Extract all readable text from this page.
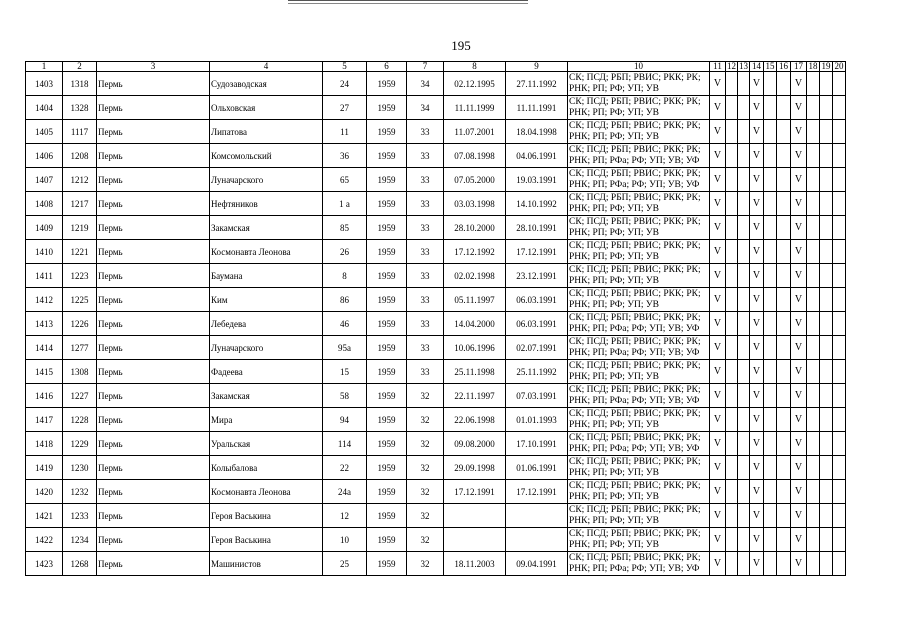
195
1	2	3	4	5	6	7	8	9	10	11	12	13	14	15	16	17	18	19	20
1403	1318	Пермь	Судозаводская	24	1959	34	02.12.1995	27.11.1992	СК; ПСД; РБП; РВИС; РКК; РК;
РНК; РП; РФ; УП; УВ	V			V			V			
1404	1328	Пермь	Ольховская	27	1959	34	11.11.1999	11.11.1991	СК; ПСД; РБП; РВИС; РКК; РК;
РНК; РП; РФ; УП; УВ	V			V			V			
1405	1117	Пермь	Липатова	11	1959	33	11.07.2001	18.04.1998	СК; ПСД; РБП; РВИС; РКК; РК;
РНК; РП; РФ; УП; УВ	V			V			V			
1406	1208	Пермь	Комсомольский	36	1959	33	07.08.1998	04.06.1991	СК; ПСД; РБП; РВИС; РКК; РК;
РНК; РП; РФа; РФ; УП; УВ; УФ	V			V			V			
1407	1212	Пермь	Луначарского	65	1959	33	07.05.2000	19.03.1991	СК; ПСД; РБП; РВИС; РКК; РК;
РНК; РП; РФа; РФ; УП; УВ; УФ	V			V			V			
1408	1217	Пермь	Нефтяников	1 а	1959	33	03.03.1998	14.10.1992	СК; ПСД; РБП; РВИС; РКК; РК;
РНК; РП; РФ; УП; УВ	V			V			V			
1409	1219	Пермь	Закамская	85	1959	33	28.10.2000	28.10.1991	СК; ПСД; РБП; РВИС; РКК; РК;
РНК; РП; РФ; УП; УВ	V			V			V			
1410	1221	Пермь	Космонавта Леонова	26	1959	33	17.12.1992	17.12.1991	СК; ПСД; РБП; РВИС; РКК; РК;
РНК; РП; РФ; УП; УВ	V			V			V			
1411	1223	Пермь	Баумана	8	1959	33	02.02.1998	23.12.1991	СК; ПСД; РБП; РВИС; РКК; РК;
РНК; РП; РФ; УП; УВ	V			V			V			
1412	1225	Пермь	Ким	86	1959	33	05.11.1997	06.03.1991	СК; ПСД; РБП; РВИС; РКК; РК;
РНК; РП; РФ; УП; УВ	V			V			V			
1413	1226	Пермь	Лебедева	46	1959	33	14.04.2000	06.03.1991	СК; ПСД; РБП; РВИС; РКК; РК;
РНК; РП; РФа; РФ; УП; УВ; УФ	V			V			V			
1414	1277	Пермь	Луначарского	95а	1959	33	10.06.1996	02.07.1991	СК; ПСД; РБП; РВИС; РКК; РК;
РНК; РП; РФа; РФ; УП; УВ; УФ	V			V			V			
1415	1308	Пермь	Фадеева	15	1959	33	25.11.1998	25.11.1992	СК; ПСД; РБП; РВИС; РКК; РК;
РНК; РП; РФ; УП; УВ	V			V			V			
1416	1227	Пермь	Закамская	58	1959	32	22.11.1997	07.03.1991	СК; ПСД; РБП; РВИС; РКК; РК;
РНК; РП; РФа; РФ; УП; УВ; УФ	V			V			V			
1417	1228	Пермь	Мира	94	1959	32	22.06.1998	01.01.1993	СК; ПСД; РБП; РВИС; РКК; РК;
РНК; РП; РФ; УП; УВ	V			V			V			
1418	1229	Пермь	Уральская	114	1959	32	09.08.2000	17.10.1991	СК; ПСД; РБП; РВИС; РКК; РК;
РНК; РП; РФа; РФ; УП; УВ; УФ	V			V			V			
1419	1230	Пермь	Колыбалова	22	1959	32	29.09.1998	01.06.1991	СК; ПСД; РБП; РВИС; РКК; РК;
РНК; РП; РФ; УП; УВ	V			V			V			
1420	1232	Пермь	Космонавта Леонова	24а	1959	32	17.12.1991	17.12.1991	СК; ПСД; РБП; РВИС; РКК; РК;
РНК; РП; РФ; УП; УВ	V			V			V			
1421	1233	Пермь	Героя Васькина	12	1959	32			СК; ПСД; РБП; РВИС; РКК; РК;
РНК; РП; РФ; УП; УВ	V			V			V			
1422	1234	Пермь	Героя Васькина	10	1959	32			СК; ПСД; РБП; РВИС; РКК; РК;
РНК; РП; РФ; УП; УВ	V			V			V			
1423	1268	Пермь	Машинистов	25	1959	32	18.11.2003	09.04.1991	СК; ПСД; РБП; РВИС; РКК; РК;
РНК; РП; РФа; РФ; УП; УВ; УФ	V			V			V			
